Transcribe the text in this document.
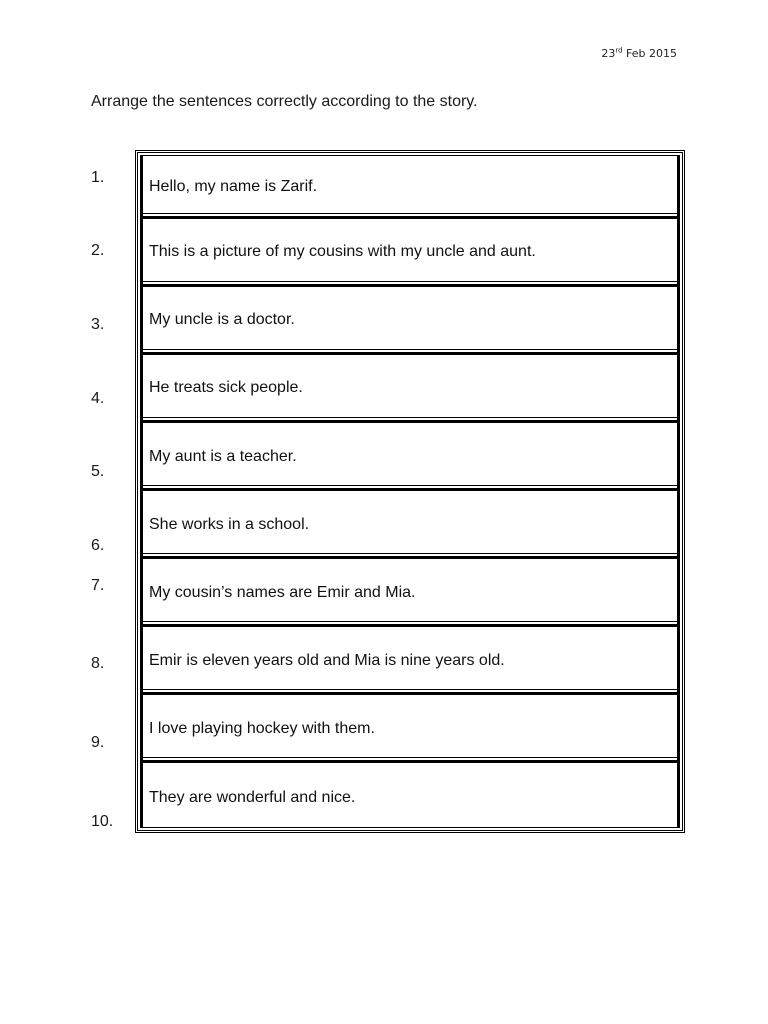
23rd Feb 2015
Arrange the sentences correctly according to the story.
1.
2.
3.
4.
5.
6.
7.
8.
9.
10.
Hello, my name is Zarif.
This is a picture of my cousins with my uncle and aunt.
My uncle is a doctor.
He treats sick people.
My aunt is a teacher.
She works in a school.
My cousin’s names are Emir and Mia.
Emir is eleven years old and Mia is nine years old.
I love playing hockey with them.
They are wonderful and nice.
